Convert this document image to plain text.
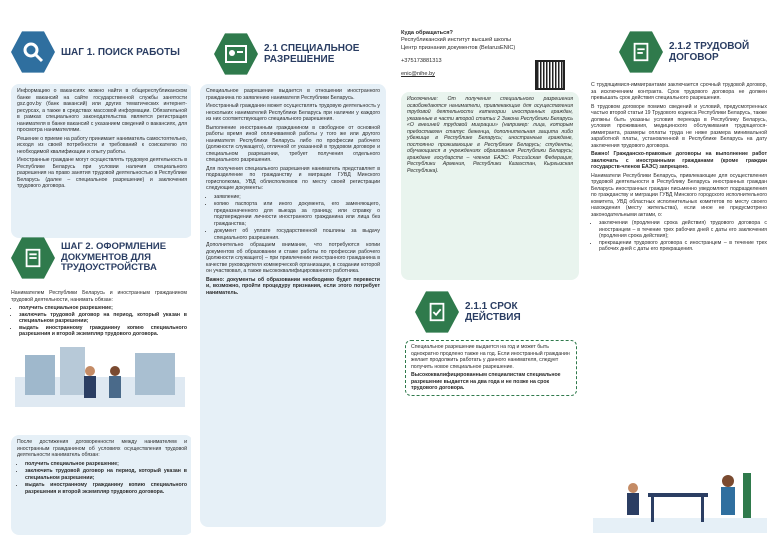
ШАГ 1. ПОИСК РАБОТЫ

Информацию о вакансиях можно найти в общереспубликанском банке вакансий на сайте государственной службы занятости gsz.gov.by (банк вакансий) или других тематических интернет-ресурсах, а также в средствах массовой информации. Обязательной в рамках специального законодательства является регистрация нанимателя в банке вакансий с указанием сведений о вакансиях, для просмотра нанимателями.

Решение о приеме на работу принимает наниматель самостоятельно, исходя из своей потребности и требований к соискателю по необходимой квалификации и опыту работы.

Иностранные граждане могут осуществлять трудовую деятельность в Республике Беларусь при условии наличия специального разрешения на право занятия трудовой деятельностью в Республике Беларусь (далее – специальное разрешение) и заключения трудового договора.

ШАГ 2. ОФОРМЛЕНИЕ ДОКУМЕНТОВ ДЛЯ ТРУДОУСТРОЙСТВА

Нанимателем Республики Беларусь и иностранным гражданином трудовой деятельности, нанимать обязан:

• получить специальное разрешение;
• заключить трудовой договор на период, который указан в специальном разрешении;
• выдать иностранному гражданину копию специального разрешения и второй экземпляр трудового договора.

После достижения договоренности между нанимателем и иностранным гражданином об условиях осуществления трудовой деятельности наниматель обязан:

• получить специальное разрешение;
• заключить трудовой договор на период, который указан в специальном разрешении;
• выдать иностранному гражданину копию специального разрешения и второй экземпляр трудового договора.
2.1 СПЕЦИАЛЬНОЕ РАЗРЕШЕНИЕ

Специальное разрешение выдается в отношении иностранного гражданина по заявлению нанимателя Республики Беларусь.

Иностранный гражданин может осуществлять трудовую деятельность у нескольких нанимателей Республики Беларусь при наличии у каждого из них соответствующего специального разрешения.

Выполнение иностранным гражданином в свободное от основной работы время иной оплачиваемой работы у того же или другого нанимателя Республики Беларусь либо по профессии рабочего (должности служащего), отличной от указанной в трудовом договоре и специальном разрешении, требует получения отдельного специального разрешения.

Для получения специального разрешения наниматель представляет в подразделение по гражданству и миграции ГУВД Минского горисполкома, УВД облисполкомов по месту своей регистрации следующие документы:

• заявление;
• копию паспорта или иного документа, его заменяющего, предназначенного для выезда за границу, или справку о подтверждении личности иностранного гражданина или лица без гражданства;
• документ об уплате государственной пошлины за выдачу специального разрешения.

Дополнительно обращаем внимание, что потребуются копии документов об образовании и стаже работы по профессии рабочего (должности служащего) – при привлечении иностранного гражданина в качестве руководителя коммерческой организации, в создании которой он участвовал, а также высококвалифицированного работника.

Важно: документы об образовании необходимо будет перевести и, возможно, пройти процедуру признания, если этого потребует наниматель.

Куда обращаться?
Республиканский институт высшей школы
Центр признания документов (BelarusENIC)
+375173881313
enic@nihe.by

Исключение: От получения специального разрешения освобождаются наниматели, привлекающие для осуществления трудовой деятельности категории иностранных граждан, указанные в части второй статьи 2 Закона Республики Беларусь «О внешней трудовой миграции» (например: лица, которым предоставлен статус беженца, дополнительная защита либо убежище в Республике Беларусь; иностранные граждане, постоянно проживающие в Республике Беларусь; студенты, обучающиеся в учреждениях образования Республики Беларусь; граждане государств – членов ЕАЭС: Российская Федерация, Республики Армения, Республики Казахстан, Кыргызская Республика).

2.1.1 СРОК ДЕЙСТВИЯ

Специальное разрешение выдается на год и может быть однократно продлено также на год. Если иностранный гражданин желает продолжить работать у данного нанимателя, следует получить новое специальное разрешение.

Высококвалифицированным специалистам специальное разрешение выдается на два года и не позже на срок трудового договора.

2.1.2 ТРУДОВОЙ ДОГОВОР

С трудящимися-иммигрантами заключается срочный трудовой договор, за исключением контракта. Срок трудового договора не должен превышать срок действия специального разрешения.

В трудовом договоре помимо сведений и условий, предусмотренных частью второй статьи 19 Трудового кодекса Республики Беларусь, также должны быть указаны условия переезда в Республику Беларусь, условия проживания, медицинского обслуживания трудящегося-иммигранта, размеры оплаты труда не ниже размера минимальной заработной платы, установленной в Республике Беларусь на дату заключения трудового договора.

Важно! Гражданско-правовые договоры на выполнение работ заключать с иностранными гражданами (кроме граждан государств-членов ЕАЭС) запрещено.

Наниматели Республики Беларусь, привлекающие для осуществления трудовой деятельности в Республику Беларусь иностранных граждан Беларусь иностранных граждан письменно уведомляют подразделения по гражданству и миграции ГУВД Минского городского исполнительного комитета, УВД областных исполнительных комитетов по месту своего нахождения (месту жительства), если иное не предусмотрено законодательными актами, о:

• заключении (продлении срока действия) трудового договора с иностранцем – в течение трех рабочих дней с даты его заключения (продления срока действия);
• прекращении трудового договора с иностранцем – в течение трех рабочих дней с даты его прекращения.
